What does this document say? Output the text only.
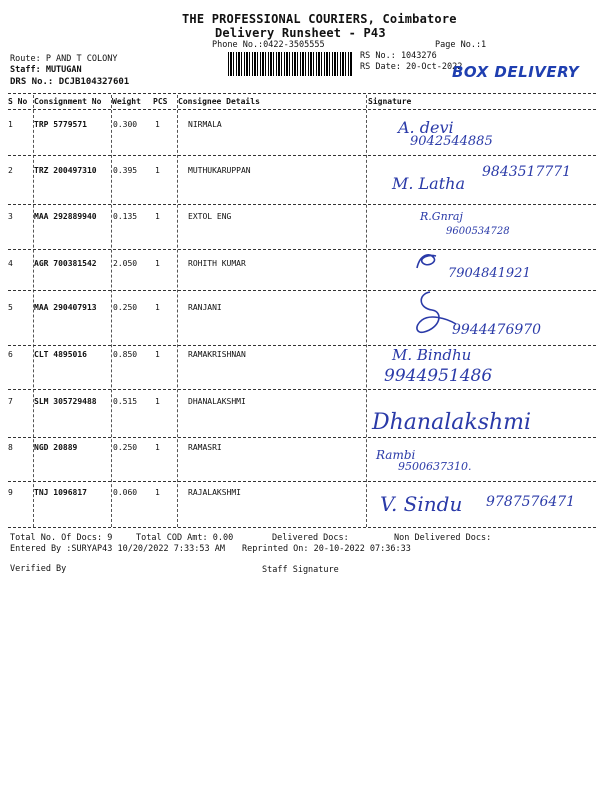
THE PROFESSIONAL COURIERS, Coimbatore
Delivery Runsheet - P43
Phone No.:0422-3505555	Page No.:1
Route: P AND T COLONY
Staff: MUTUGAN
DRS No.: DCJB104327601
RS No.: 1043276
RS Date: 20-Oct-2022
BOX DELIVERY
S No Consignment No Weight PCS Consignee Details	Signature
1	TRP 5779571	0.300 1	NIRMALA	A. devi
9042544885
2	TRZ 200497310 0.395 1	MUTHUKARUPPAN
M. Latha
9843517771
3	MAA 292889940 0.135 1	EXTOL ENG	R.Gnraj
9600534728
4	AGR 700381542 2.050 1	ROHITH KUMAR
7904841921
5	MAA 290407913 0.250 1	RANJANI
9944476970
6	CLT 4895016	0.850 1	RAMAKRISHNAN	M. Bindhu
9944951486
7	SLM 305729488 0.515 1	DHANALAKSHMI
Dhanalakshmi
8	NGD 20889	0.250 1	RAMASRI
Rambi
9500637310.
9	TNJ 1096817	0.060 1	RAJALAKSHMI	V. Sindu 9787576471
Total No. Of Docs: 9	Total COD Amt: 0.00	Delivered Docs:	Non Delivered Docs:
Entered By :SURYAP43 10/20/2022 7:33:53 AM Reprinted On: 20-10-2022 07:36:33
Verified By	Staff Signature
